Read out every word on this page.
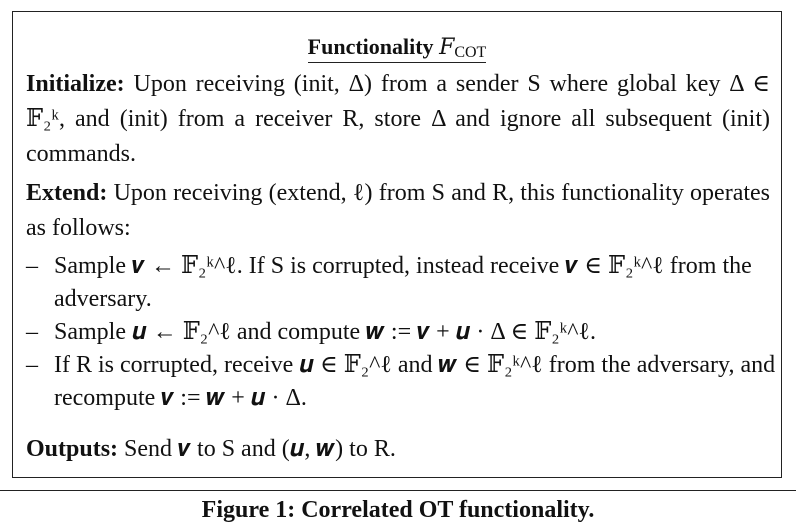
Functionality FCOT
Initialize: Upon receiving (init, Δ) from a sender S where global key Δ ∈ 𝔽₂ᵏ, and (init) from a receiver R, store Δ and ignore all subsequent (init) commands.
Extend: Upon receiving (extend, ℓ) from S and R, this functionality operates as follows:
– Sample 𝒗 ← 𝔽₂ᵏ^ℓ. If S is corrupted, instead receive 𝒗 ∈ 𝔽₂ᵏ^ℓ from the adversary.
– Sample 𝒖 ← 𝔽₂^ℓ and compute 𝒘 := 𝒗 + 𝒖 · Δ ∈ 𝔽₂ᵏ^ℓ.
– If R is corrupted, receive 𝒖 ∈ 𝔽₂^ℓ and 𝒘 ∈ 𝔽₂ᵏ^ℓ from the adversary, and recompute 𝒗 := 𝒘 + 𝒖 · Δ.
Outputs: Send 𝒗 to S and (𝒖, 𝒘) to R.
Figure 1: Correlated OT functionality.
